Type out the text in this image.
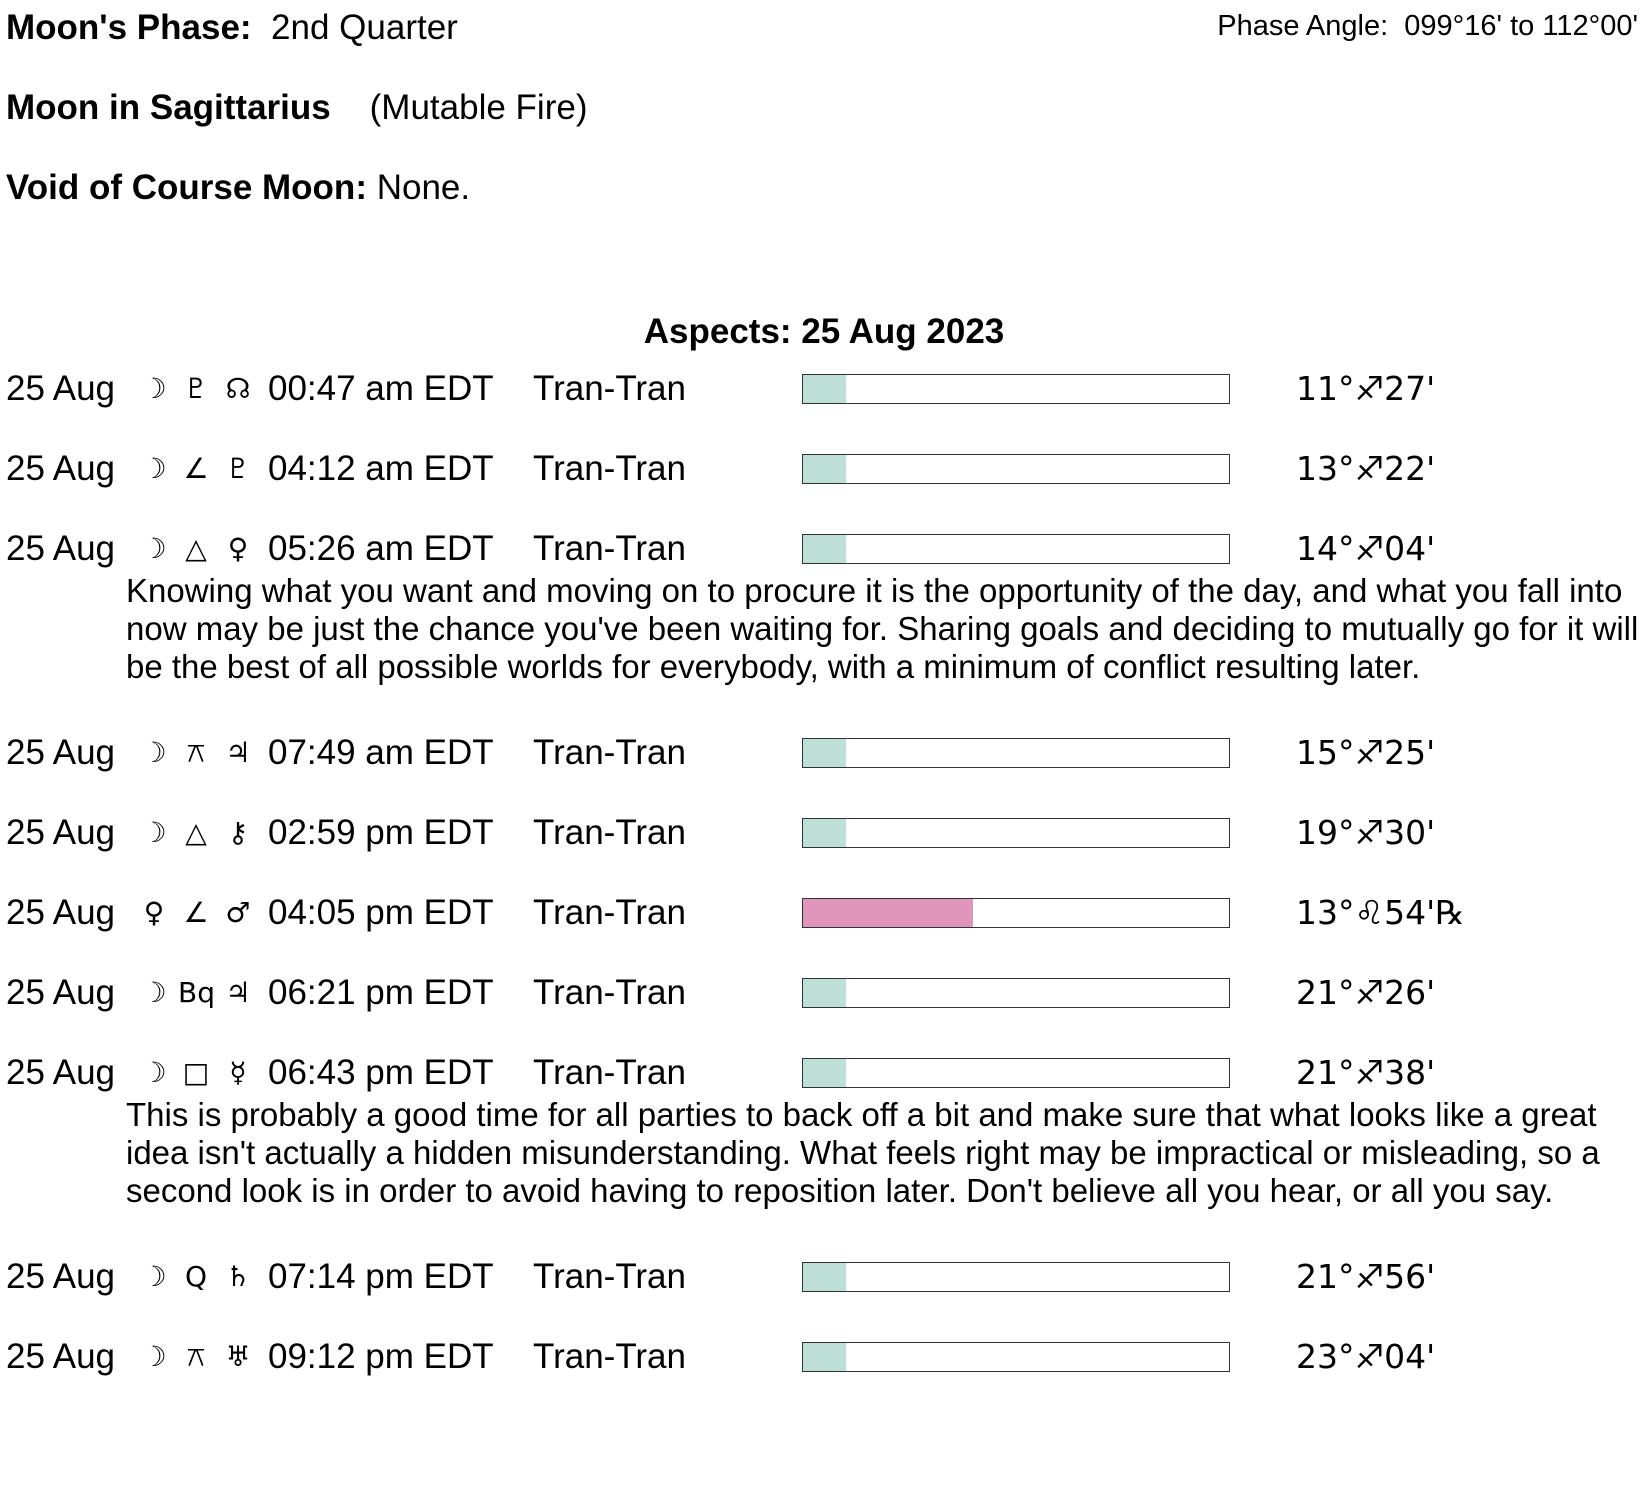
Moon's Phase: 2nd Quarter	Phase Angle: 099°16' to 112°00'
Moon in Sagittarius (Mutable Fire)
Void of Course Moon: None.
Aspects: 25 Aug 2023
25 Aug ☽ ♇ ☊ 00:47 am EDT Tran-Tran	11°♐27'
25 Aug ☽ ∠ ♇ 04:12 am EDT Tran-Tran	13°♐22'
25 Aug ☽ △ ♀ 05:26 am EDT Tran-Tran	14°♐04'
Knowing what you want and moving on to procure it is the opportunity of the day, and what you fall into now may be just the chance you've been waiting for. Sharing goals and deciding to mutually go for it will be the best of all possible worlds for everybody, with a minimum of conflict resulting later.
25 Aug ☽ ⚻ ♃ 07:49 am EDT Tran-Tran	15°♐25'
25 Aug ☽ △ ⚷ 02:59 pm EDT Tran-Tran	19°♐30'
25 Aug ♀ ∠ ♂ 04:05 pm EDT Tran-Tran	13°♌54'℞
25 Aug ☽ Bq ♃ 06:21 pm EDT Tran-Tran	21°♐26'
25 Aug ☽ □ ☿ 06:43 pm EDT Tran-Tran	21°♐38'
This is probably a good time for all parties to back off a bit and make sure that what looks like a great idea isn't actually a hidden misunderstanding. What feels right may be impractical or misleading, so a second look is in order to avoid having to reposition later. Don't believe all you hear, or all you say.
25 Aug ☽ Q ♄ 07:14 pm EDT Tran-Tran	21°♐56'
25 Aug ☽ ⚻ ♅ 09:12 pm EDT Tran-Tran	23°♐04'
